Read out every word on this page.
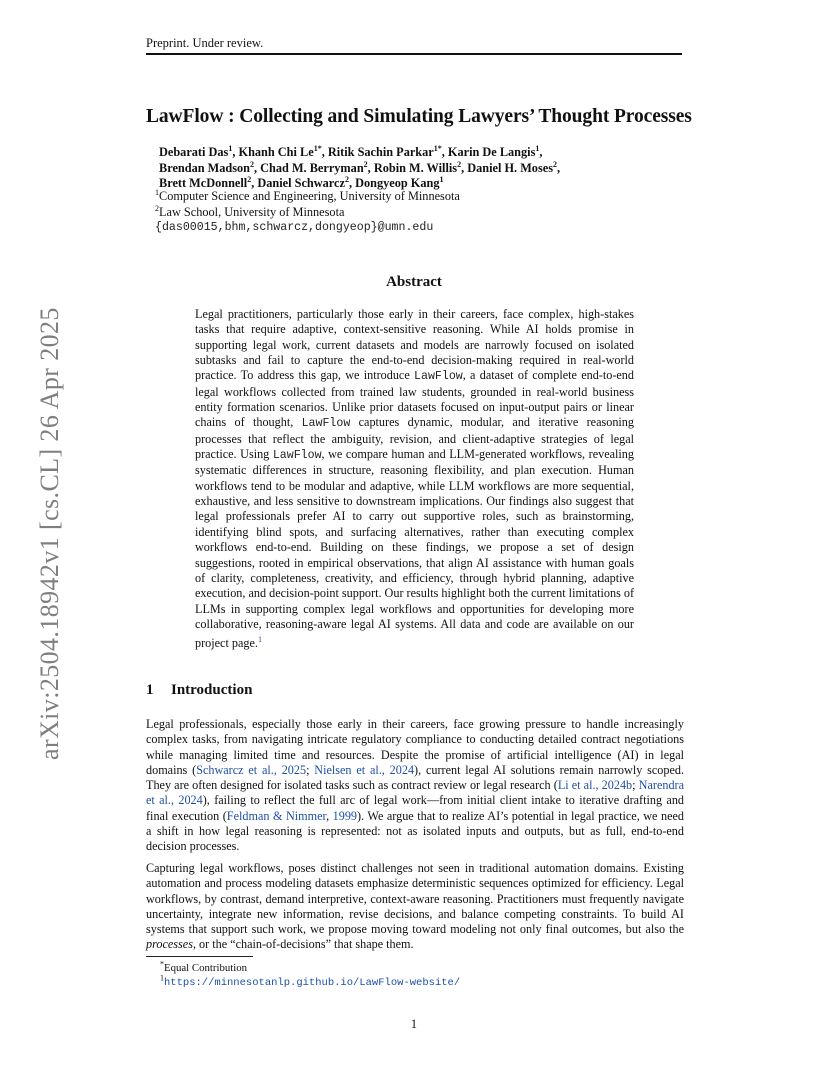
Preprint. Under review.
arXiv:2504.18942v1 [cs.CL] 26 Apr 2025
LawFlow : Collecting and Simulating Lawyers’ Thought Processes
Debarati Das$^1$, Khanh Chi $Le^{1*}$, Ritik Sachin Parkar$^{1*}$, Karin De Langis$^1$,
Brendan Madson$^2$, Chad M. Berryman$^2$, Robin M. Willis$^2$, Daniel H. Moses$^2$,
Brett McDonnell$^2$, Daniel Schwarcz$^2$, Dongyeop Kang$^1$
$^1$Computer Science and Engineering, University of Minnesota
$^2$Law School, University of Minnesota
{das00015,bhm,schwarcz,dongyeop}@umn.edu
Abstract
Legal practitioners, particularly those early in their careers, face complex, high-stakes tasks that require adaptive, context-sensitive reasoning. While AI holds promise in supporting legal work, current datasets and models are narrowly focused on isolated subtasks and fail to capture the end-to-end decision-making required in real-world practice. To address this gap, we introduce LawFlow, a dataset of complete end-to-end legal workflows collected from trained law students, grounded in real-world business entity formation scenarios. Unlike prior datasets focused on input-output pairs or linear chains of thought, LawFlow captures dynamic, modular, and iterative reasoning processes that reflect the ambiguity, revision, and client-adaptive strategies of legal practice. Using LawFlow, we compare human and LLM-generated workflows, revealing systematic differences in structure, reasoning flexibility, and plan execution. Human workflows tend to be modular and adaptive, while LLM workflows are more sequential, exhaustive, and less sensitive to downstream implications. Our findings also suggest that legal professionals prefer AI to carry out supportive roles, such as brainstorming, identifying blind spots, and surfacing alternatives, rather than executing complex workflows end-to-end. Building on these findings, we propose a set of design suggestions, rooted in empirical observations, that align AI assistance with human goals of clarity, completeness, creativity, and efficiency, through hybrid planning, adaptive execution, and decision-point support. Our results highlight both the current limitations of LLMs in supporting complex legal workflows and opportunities for developing more collaborative, reasoning-aware legal AI systems. All data and code are available on our project page.$^1$
1 Introduction

Legal professionals, especially those early in their careers, face growing pressure to handle increasingly complex tasks, from navigating intricate regulatory compliance to conducting detailed contract negotiations while managing limited time and resources. Despite the promise of artificial intelligence (AI) in legal domains (Schwarcz et al., 2025; Nielsen et al., 2024), current legal AI solutions remain narrowly scoped. They are often designed for isolated tasks such as contract review or legal research (Li et al., 2024b; Narendra et al., 2024), failing to reflect the full arc of legal work—from initial client intake to iterative drafting and final execution (Feldman & Nimmer, 1999). We argue that to realize AI’s potential in legal practice, we need a shift in how legal reasoning is represented: not as isolated inputs and outputs, but as full, end-to-end decision processes.

Capturing legal workflows, poses distinct challenges not seen in traditional automation domains. Existing automation and process modeling datasets emphasize deterministic sequences optimized for efficiency. Legal workflows, by contrast, demand interpretive, context-aware reasoning. Practitioners must frequently navigate uncertainty, integrate new information, revise decisions, and balance competing constraints. To build AI systems that support such work, we propose moving toward modeling not only final outcomes, but also the processes, or the “chain-of-decisions” that shape them.

*Equal Contribution
$^1$https://minnesotanlp.github.io/LawFlow-website/
1
